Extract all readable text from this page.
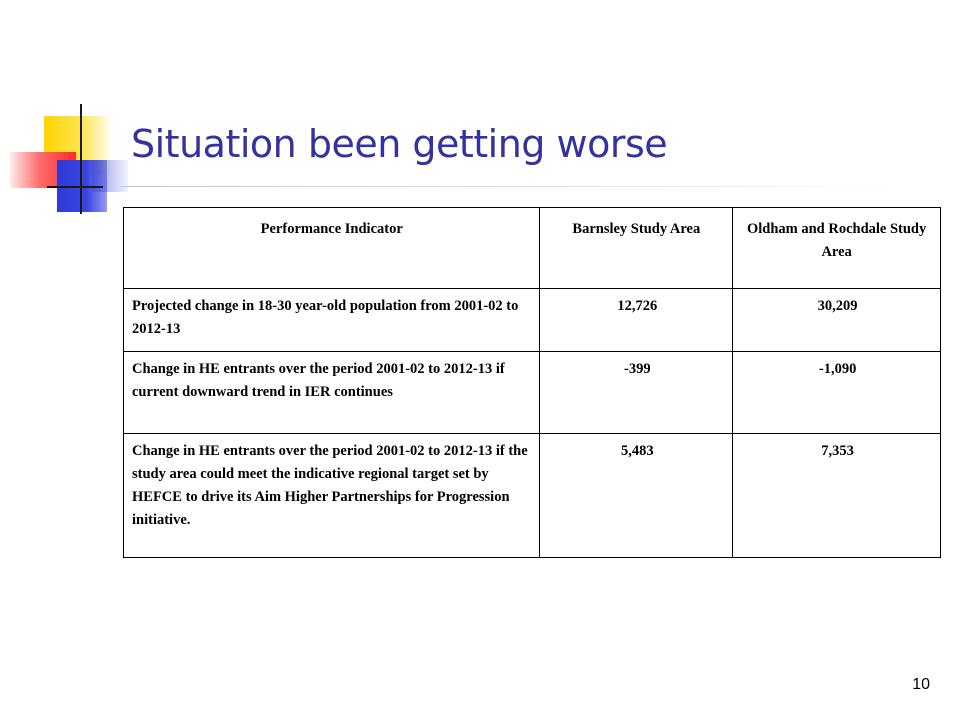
Situation been getting worse
Performance Indicator	Barnsley Study Area	Oldham and Rochdale Study Area
Projected change in 18-30 year-old population from 2001-02 to 2012-13	12,726	30,209
Change in HE entrants over the period 2001-02 to 2012-13 if current downward trend in IER continues	-399	-1,090
Change in HE entrants over the period 2001-02 to 2012-13 if the study area could meet the indicative regional target set by HEFCE to drive its Aim Higher Partnerships for Progression initiative.	5,483	7,353
10
